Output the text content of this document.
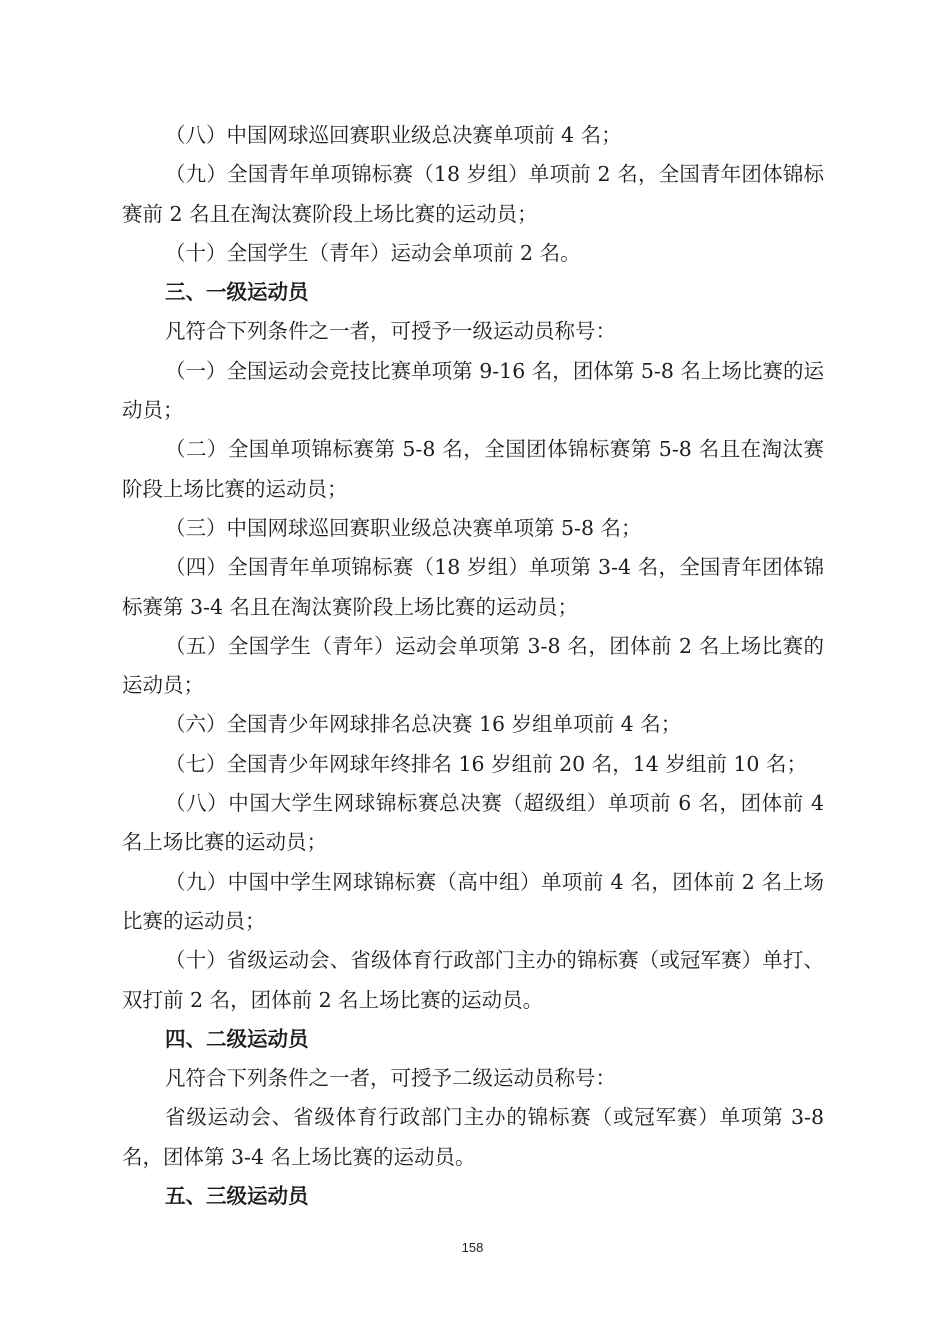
（八）中国网球巡回赛职业级总决赛单项前 4 名；

（九）全国青年单项锦标赛（18 岁组）单项前 2 名，全国青年团体锦标赛前 2 名且在淘汰赛阶段上场比赛的运动员；

（十）全国学生（青年）运动会单项前 2 名。

三、一级运动员

凡符合下列条件之一者，可授予一级运动员称号：

（一）全国运动会竞技比赛单项第 9-16 名，团体第 5-8 名上场比赛的运动员；

（二）全国单项锦标赛第 5-8 名，全国团体锦标赛第 5-8 名且在淘汰赛阶段上场比赛的运动员；

（三）中国网球巡回赛职业级总决赛单项第 5-8 名；

（四）全国青年单项锦标赛（18 岁组）单项第 3-4 名，全国青年团体锦标赛第 3-4 名且在淘汰赛阶段上场比赛的运动员；

（五）全国学生（青年）运动会单项第 3-8 名，团体前 2 名上场比赛的运动员；

（六）全国青少年网球排名总决赛 16 岁组单项前 4 名；

（七）全国青少年网球年终排名 16 岁组前 20 名，14 岁组前 10 名；

（八）中国大学生网球锦标赛总决赛（超级组）单项前 6 名，团体前 4 名上场比赛的运动员；

（九）中国中学生网球锦标赛（高中组）单项前 4 名，团体前 2 名上场比赛的运动员；

（十）省级运动会、省级体育行政部门主办的锦标赛（或冠军赛）单打、双打前 2 名，团体前 2 名上场比赛的运动员。

四、二级运动员

凡符合下列条件之一者，可授予二级运动员称号：

省级运动会、省级体育行政部门主办的锦标赛（或冠军赛）单项第 3-8 名，团体第 3-4 名上场比赛的运动员。

五、三级运动员

158
